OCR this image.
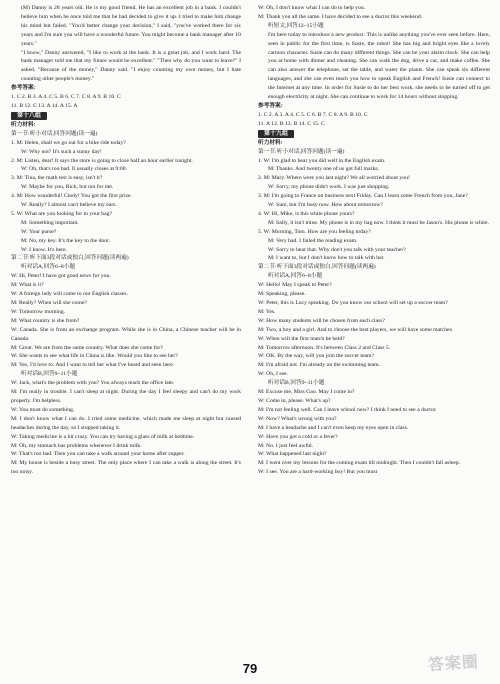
(M) Danny is 28 years old. He is my good friend. He has an excellent job in a bank. I couldn't believe him when he once told me that he had decided to give it up. I tried to make him change his mind but failed. "You'd better change your decision," I said, "you've worked there for six years and I'm sure you will have a wonderful future. You might become a bank manager after 10 years."

"I know," Danny answered, "I like to work at the bank. It is a great job, and I work hard. The bank manager told me that my future would be excellent." "Then why do you want to leave?" I asked. "Because of the money," Danny said. "I enjoy counting my own money, but I hate counting other people's money."

参考答案:

1. C 2. B 3. A 4. C 5. B 6. C 7. C 8. A 9. B 10. C

11. B 12. C 13. A 14. A 15. A

第十八组

听力材料:

第一节:听小对话,回答问题(读一遍)

1. M: Helen, shall we go out for a bike ride today?

W: Why not? It's such a sunny day!

2. M: Listen, dear! It says the store is going to close half an hour earlier tonight.

W: Oh, that's too bad. It usually closes at 9:00.

3. M: Tina, the math test is easy, isn't it?

W: Maybe for you, Rick, but not for me.

4. M: How wonderful! Cindy! You got the first prize.

W: Really? I almost can't believe my ears.

5. W: What are you looking for in your bag?

M: Something important.

W: Your purse?

M: No, my key. It's the key to the door.

W: I know. It's here.

第二节:听下面3段对话或独白,回答问题(读两遍)

听对话A,回答6~8小题

W: Hi, Peter! I have got good news for you.

M: What is it?

W: A foreign lady will come to our English classes.

M: Really? When will she come?

W: Tomorrow morning.

M: What country is she from?

W: Canada. She is from an exchange program. While she is in China, a Chinese teacher will be in Canada.

M: Great. We are from the same country. What does she come for?

W: She wants to see what life in China is like. Would you like to see her?

M: Yes, I'd love to. And I want to tell her what I've heard and seen here.

听对话B,回答9~11小题

W: Jack, what's the problem with you? You always teach the office late.

M: I'm really in trouble. I can't sleep at night. During the day I feel sleepy and can't do my work properly. I'm helpless.

W: You must do something.

M: I don't know what I can do. I tried some medicine, which made me sleep at night but caused headaches during the day, so I stopped taking it.

W: Taking medicine is a bit crazy. You can try having a glass of milk at bedtime.

M: Oh, my stomach has problems whenever I drink milk.

W: That's too bad. Then you can take a walk around your home after supper.

M: My house is beside a busy street. The only place where I can take a walk is along the street. It's too noisy.

W: Oh, I don't know what I can do to help you.

M: Thank you all the same. I have decided to see a doctor this weekend.

听短文,回答12~15小题

I'm here today to introduce a new product. This is unlike anything you've ever seen before. Here, seen in public for the first time, is Susie, the robot! She has big and bright eyes like a lovely cartoon character. Susie can do many different things. She can be your alarm clock. She can help you at home with dinner and cleaning. She can walk the dog, drive a car, and make coffee. She can also answer the telephone, set the table, and water the plants. She can speak six different languages, and she can even teach you how to speak English and French! Susie can connect to the Internet at any time. In order for Susie to do her best work, she needs to be turned off to get enough electricity at night. She can continue to work for 14 hours without stopping.

参考答案:

1. C 2. A 3. A 4. C 5. C 6. B 7. C 8. A 9. B 10. C

11. A 12. B 13. B 14. C 15. C

第十九组

听力材料:

第一节:听小对话,回答问题(读一遍)

1. W: I'm glad to hear you did well in the English exam.

M: Thanks. And twenty one of us got full marks.

2. M: Mary. Where were you last night? We all worried about you!

W: Sorry, my phone didn't work. I was just shopping.

3. M: I'm going to France on business next Friday. Can I learn some French from you, Jane?

W: Sure, but I'm busy now. How about tomorrow?

4. W: Hi, Mike, is this white phone yours?

M: Sally, it isn't mine. My phone is in my bag now. I think it must be Jason's. His phone is white.

5. W: Morning, Tom. How are you feeling today?

M: Very bad. I failed the reading exam.

W: Sorry to hear that. Why don't you talk with your teacher?

M: I want to, but I don't know how to talk with her.

第二节:听下面3段对话或独白,回答问题(读两遍)

听对话A,回答6~8小题

W: Hello! May I speak to Peter?

M: Speaking, please.

W: Peter, this is Lucy speaking. Do you know our school will set up a soccer team?

M: Yes.

W: How many students will be chosen from each class?

M: Two, a boy and a girl. And to choose the best players, we will have some matches.

W: When will the first match be held?

M: Tomorrow afternoon. It's between Class 2 and Class 5.

W: OK. By the way, will you join the soccer team?

M: I'm afraid not. I'm already on the swimming team.

W: Oh, I see.

听对话B,回答9~11小题

M: Excuse me, Miss Gao. May I come in?

W: Come in, please. What's up?

M: I'm not feeling well. Can I leave school now? I think I need to see a doctor.

W: Now? What's wrong with you?

M: I have a headache and I can't even keep my eyes open in class.

W: Have you got a cold or a fever?

M: No. I just feel awful.

W: What happened last night?

M: I went over my lessons for the coming exam till midnight. Then I couldn't fall asleep.

W: I see. You are a hard-working boy! But you must

79	答案圈
